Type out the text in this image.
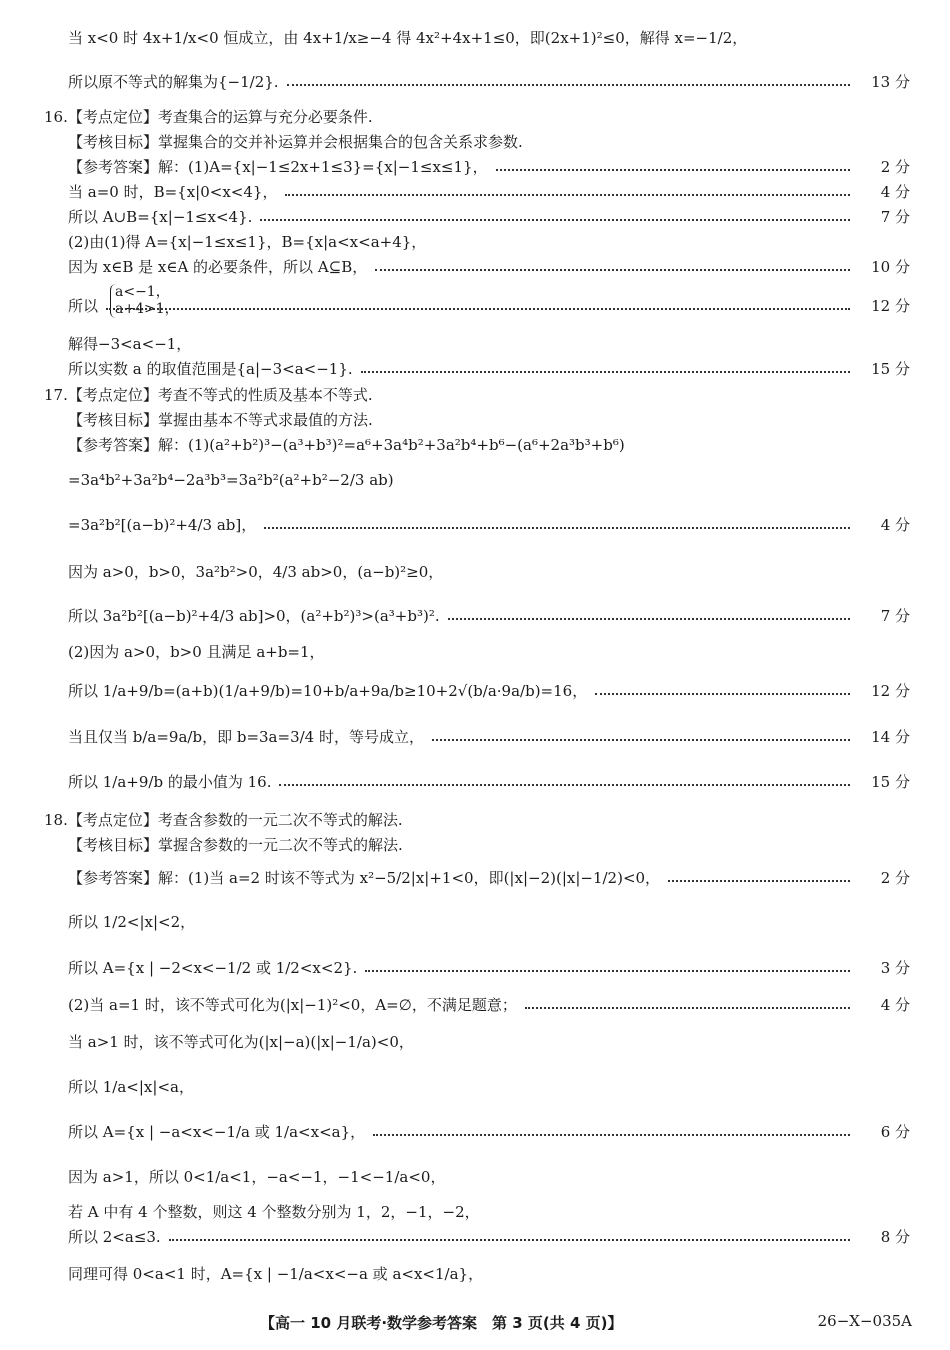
当 x<0 时 4x+1/x<0 恒成立，由 4x+1/x≥−4 得 4x²+4x+1≤0，即(2x+1)²≤0，解得 x=−1/2，
所以原不等式的解集为{−1/2}.	13 分
16.【考点定位】考查集合的运算与充分必要条件.
【考核目标】掌握集合的交并补运算并会根据集合的包含关系求参数.
【参考答案】解：(1)A={x|−1≤2x+1≤3}={x|−1≤x≤1}，	2 分
当 a=0 时，B={x|0<x<4}，	4 分
所以 A∪B={x|−1≤x<4}.	7 分
(2)由(1)得 A={x|−1≤x≤1}，B={x|a<x<a+4}，
因为 x∈B 是 x∈A 的必要条件，所以 A⊆B，	10 分
所以
a<−1，
a+4>1，	12 分
解得−3<a<−1，
所以实数 a 的取值范围是{a|−3<a<−1}.	15 分
17.【考点定位】考查不等式的性质及基本不等式.
【考核目标】掌握由基本不等式求最值的方法.
【参考答案】解：(1)(a²+b²)³−(a³+b³)²=a⁶+3a⁴b²+3a²b⁴+b⁶−(a⁶+2a³b³+b⁶)
=3a⁴b²+3a²b⁴−2a³b³=3a²b²(a²+b²−2/3 ab)
=3a²b²[(a−b)²+4/3 ab]，	4 分
因为 a>0，b>0，3a²b²>0，4/3 ab>0，(a−b)²≥0，
所以 3a²b²[(a−b)²+4/3 ab]>0，(a²+b²)³>(a³+b³)².	7 分
(2)因为 a>0，b>0 且满足 a+b=1，
所以 1/a+9/b=(a+b)(1/a+9/b)=10+b/a+9a/b≥10+2√(b/a·9a/b)=16，	12 分
当且仅当 b/a=9a/b，即 b=3a=3/4 时，等号成立，	14 分
所以 1/a+9/b 的最小值为 16.	15 分
18.【考点定位】考查含参数的一元二次不等式的解法.
【考核目标】掌握含参数的一元二次不等式的解法.
【参考答案】解：(1)当 a=2 时该不等式为 x²−5/2|x|+1<0，即(|x|−2)(|x|−1/2)<0，	2 分
所以 1/2<|x|<2，
所以 A={x | −2<x<−1/2 或 1/2<x<2}.	3 分
(2)当 a=1 时，该不等式可化为(|x|−1)²<0，A=∅，不满足题意；	4 分
当 a>1 时，该不等式可化为(|x|−a)(|x|−1/a)<0，
所以 1/a<|x|<a，
所以 A={x | −a<x<−1/a 或 1/a<x<a}，	6 分
因为 a>1，所以 0<1/a<1，−a<−1，−1<−1/a<0，
若 A 中有 4 个整数，则这 4 个整数分别为 1，2，−1，−2，
所以 2<a≤3.	8 分
同理可得 0<a<1 时，A={x | −1/a<x<−a 或 a<x<1/a}，
【高一 10 月联考·数学参考答案　第 3 页(共 4 页)】	26−X−035A
